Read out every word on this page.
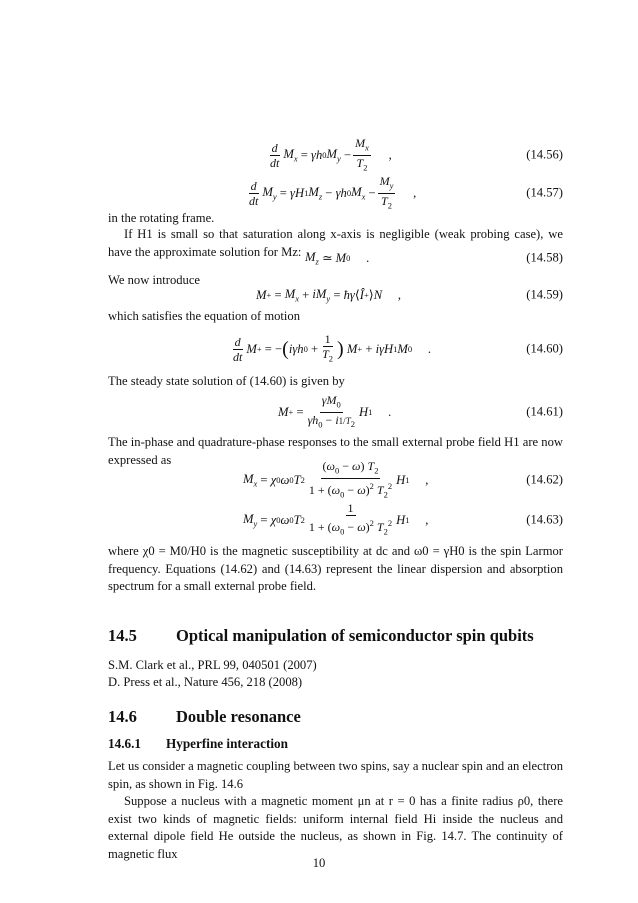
$\frac{d}{dt} M_x = \gamma h$ 0 $M_y - \frac{M_x}{T_2}$
,	(14.56)
$\frac{d}{dt} M_y = \gamma H$ 1 $M_z - \gamma h$ 0 $M_x - \frac{M_y}{T_2}$
,	(14.57)
in the rotating frame.
If H1 is small so that saturation along x-axis is negligible (weak probing case), we have the approximate solution for Mz: $M_z$ ≃ M 0
.	(14.58)
We now introduce
M + = $M_x + iM_y$ = ħγ ⟨ Î + ⟩ N
,	(14.59)
which satisfies the equation of motion
$\frac{d}{dt}$ M + = − ( iγh $0 + \frac{1}{T_2}$ )
M + + iγH 1 M 0
.	(14.60)
The steady state solution of (14.60) is given by
M + = $\frac{\gamma M_0}{\gamma h_0 - i1/T_2}$ H 1
.	(14.61)
The in-phase and quadrature-phase responses to the small external probe field H1 are now expressed as
$M_x = \chi$ 0 ω 0 T $2 \frac{(\omega_0 - \omega) T_2}{1 + (\omega_0 - \omega)^2 T_2^2}$ H 1
,	(14.62)
$M_y = \chi$ 0 ω 0 T $2 \frac{1}{1 + (\omega_0 - \omega)^2 T_2^2}$ H 1
,	(14.63)
where χ0 = M0/H0 is the magnetic susceptibility at dc and ω0 = γH0 is the spin Larmor frequency. Equations (14.62) and (14.63) represent the linear dispersion and absorption spectrum for a small external probe field.
14.5 Optical manipulation of semiconductor spin qubits
S.M. Clark et al., PRL 99, 040501 (2007)
D. Press et al., Nature 456, 218 (2008)
14.6 Double resonance
14.6.1 Hyperfine interaction
Let us consider a magnetic coupling between two spins, say a nuclear spin and an electron spin, as shown in Fig. 14.6
Suppose a nucleus with a magnetic moment μn at r = 0 has a finite radius ρ0, there exist two kinds of magnetic fields: uniform internal field Hi inside the nucleus and external dipole field He outside the nucleus, as shown in Fig. 14.7. The continuity of magnetic flux
10
